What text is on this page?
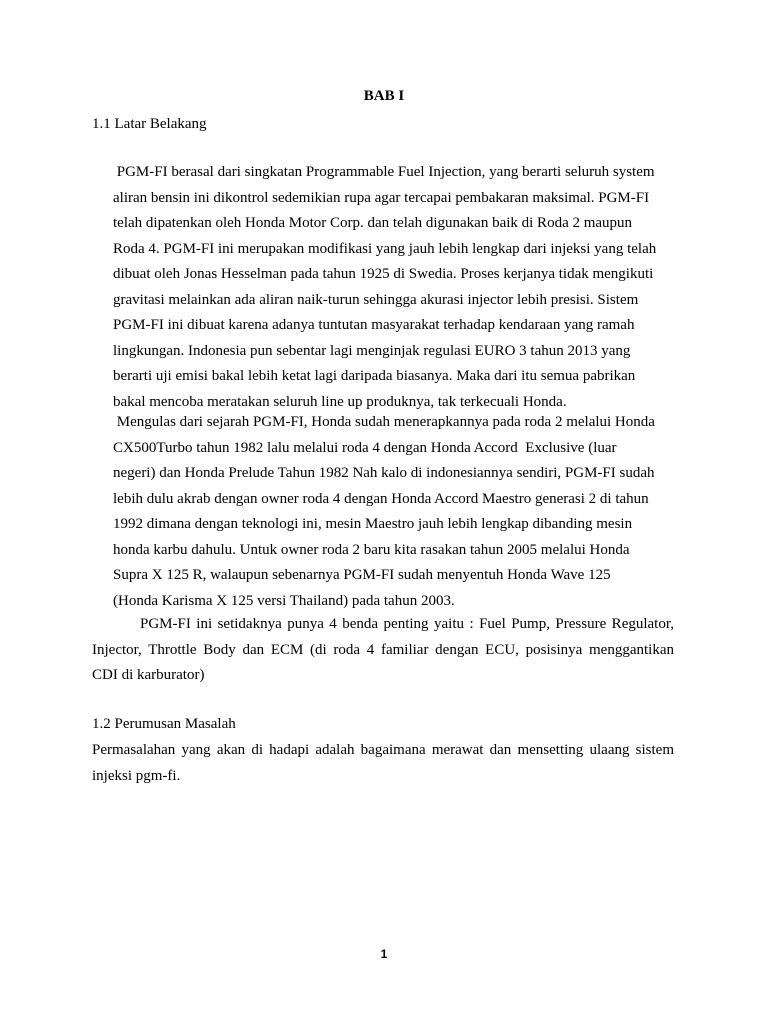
BAB I
1.1 Latar Belakang
PGM-FI berasal dari singkatan Programmable Fuel Injection, yang berarti seluruh system
aliran bensin ini dikontrol sedemikian rupa agar tercapai pembakaran maksimal. PGM-FI
telah dipatenkan oleh Honda Motor Corp. dan telah digunakan baik di Roda 2 maupun
Roda 4. PGM-FI ini merupakan modifikasi yang jauh lebih lengkap dari injeksi yang telah
dibuat oleh Jonas Hesselman pada tahun 1925 di Swedia. Proses kerjanya tidak mengikuti
gravitasi melainkan ada aliran naik-turun sehingga akurasi injector lebih presisi. Sistem
PGM-FI ini dibuat karena adanya tuntutan masyarakat terhadap kendaraan yang ramah
lingkungan. Indonesia pun sebentar lagi menginjak regulasi EURO 3 tahun 2013 yang
berarti uji emisi bakal lebih ketat lagi daripada biasanya. Maka dari itu semua pabrikan
bakal mencoba meratakan seluruh line up produknya, tak terkecuali Honda.
Mengulas dari sejarah PGM-FI, Honda sudah menerapkannya pada roda 2 melalui Honda
CX500Turbo tahun 1982 lalu melalui roda 4 dengan Honda Accord  Exclusive (luar
negeri) dan Honda Prelude Tahun 1982 Nah kalo di indonesiannya sendiri, PGM-FI sudah
lebih dulu akrab dengan owner roda 4 dengan Honda Accord Maestro generasi 2 di tahun
1992 dimana dengan teknologi ini, mesin Maestro jauh lebih lengkap dibanding mesin
honda karbu dahulu. Untuk owner roda 2 baru kita rasakan tahun 2005 melalui Honda
Supra X 125 R, walaupun sebenarnya PGM-FI sudah menyentuh Honda Wave 125
(Honda Karisma X 125 versi Thailand) pada tahun 2003.
PGM-FI ini setidaknya punya 4 benda penting yaitu : Fuel Pump, Pressure Regulator,
Injector, Throttle Body dan ECM (di roda 4 familiar dengan ECU, posisinya menggantikan
CDI di karburator)
1.2 Perumusan Masalah
Permasalahan yang akan di hadapi adalah bagaimana merawat dan mensetting ulaang sistem
injeksi pgm-fi.
1
